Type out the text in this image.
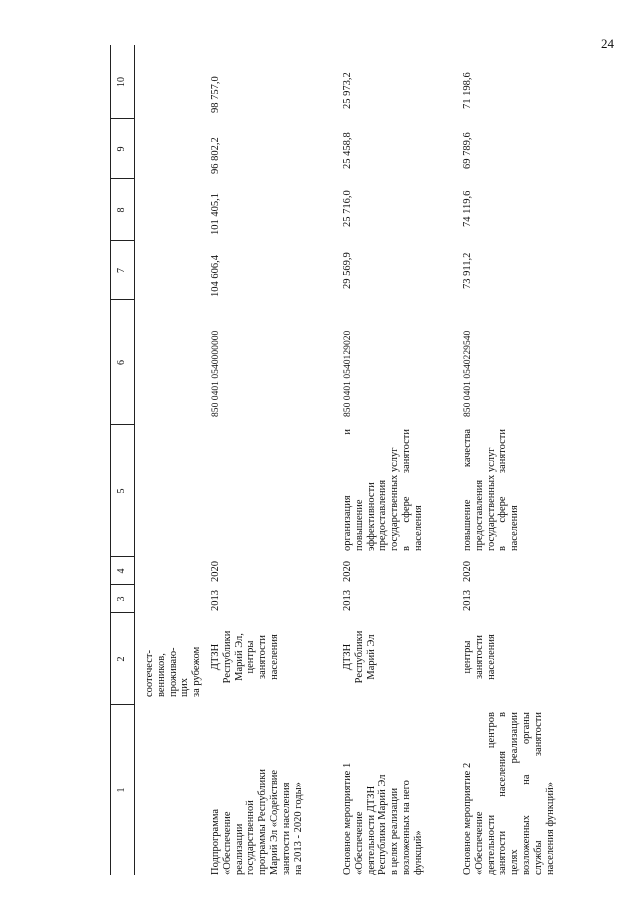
24
1
2
3
4
5
6
7
8
9
10
соотечест- венников, проживаю- щих за рубежом
Подпрограмма «Обеспечение реализации государственной программы Республики Марий Эл «Содействие занятости населения на 2013 - 2020 годы»
ДТЗН Республики Марий Эл, центры занятости населения
2013
2020
850 0401 0540000000
104 606,4
101 405,1
96 802,2
98 757,0
Основное мероприятие 1 «Обеспечение деятельности ДТЗН Республики Марий Эл в целях реализации возложенных на него функций»
ДТЗН Республики Марий Эл
2013
2020
организация и повышение эффективности предоставления государственных услуг в сфере занятости населения
850 0401 0540129020
29 569,9
25 716,0
25 458,8
25 973,2
Основное мероприятие 2 «Обеспечение деятельности центров занятости населения в целях реализации возложенных на органы службы занятости населения функций»
центры занятости населения
2013
2020
повышение качества предоставления государственных услуг в сфере занятости населения
850 0401 0540229540
73 911,2
74 119,6
69 789,6
71 198,6
